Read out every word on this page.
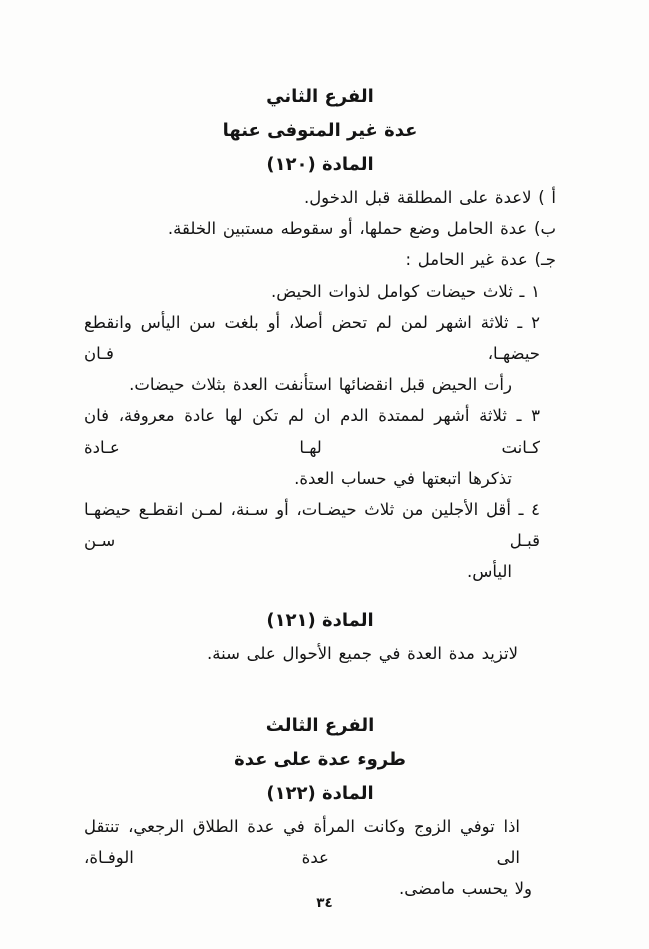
الفرع الثاني
عدة غير المتوفى عنها
المادة (١٢٠)
أ ) لاعدة على المطلقة قبل الدخول.
ب) عدة الحامل وضع حملها، أو سقوطه مستبين الخلقة.
جـ) عدة غير الحامل :
١ ـ ثلاث حيضات كوامل لذوات الحيض.
٢ ـ ثلاثة اشهر لمن لم تحض أصلا، أو بلغت سن اليأس وانقطع حيضهـا، فـان
رأت الحيض قبل انقضائها استأنفت العدة بثلاث حيضات.
٣ ـ ثلاثة أشهر لممتدة الدم ان لم تكن لها عادة معروفة، فان كـانت لهـا عـادة
تذكرها اتبعتها في حساب العدة.
٤ ـ أقل الأجلين من ثلاث حيضـات، أو سـنة، لمـن انقطـع حيضهـا قبـل سـن
اليأس.
المادة (١٢١)
لاتزيد مدة العدة في جميع الأحوال على سنة.
الفرع الثالث
طروء عدة على عدة
المادة (١٢٢)
اذا توفي الزوج وكانت المرأة في عدة الطلاق الرجعي، تنتقل الى عدة الوفـاة،
ولا يحسب مامضى.
٣٤
